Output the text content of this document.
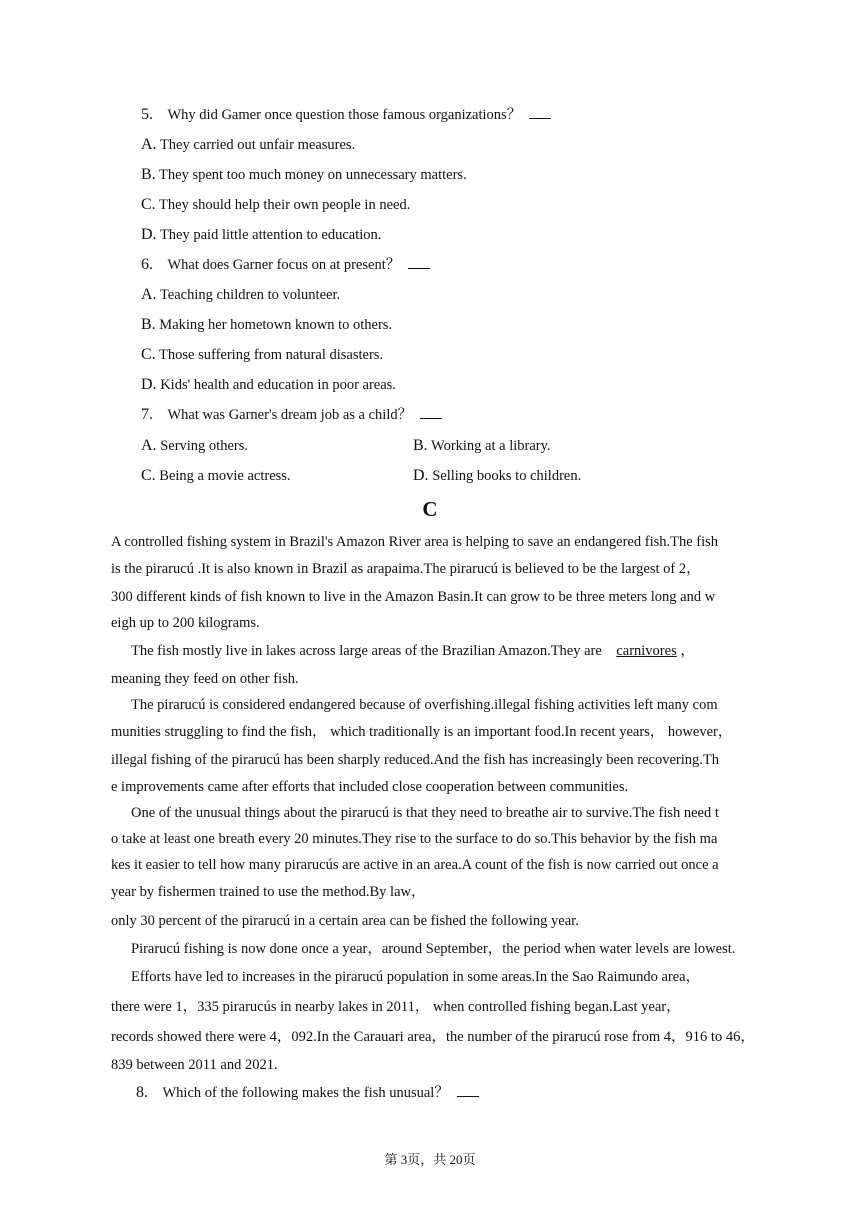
5. Why did Gamer once question those famous organizations？
A. They carried out unfair measures.
B. They spent too much money on unnecessary matters.
C. They should help their own people in need.
D. They paid little attention to education.
6. What does Garner focus on at present？
A. Teaching children to volunteer.
B. Making her hometown known to others.
C. Those suffering from natural disasters.
D. Kids' health and education in poor areas.
7. What was Garner's dream job as a child？
A. Serving others.	B. Working at a library.
C. Being a movie actress.	D. Selling books to children.
C
A controlled fishing system in Brazil's Amazon River area is helping to save an endangered fish.The fish
is the pirarucú .It is also known in Brazil as arapaima.The pirarucú is believed to be the largest of 2，
300 different kinds of fish known to live in the Amazon Basin.It can grow to be three meters long and w
eigh up to 200 kilograms.
The fish mostly live in lakes across large areas of the Brazilian Amazon.They are carnivores ，
meaning they feed on other fish.
The pirarucú is considered endangered because of overfishing.illegal fishing activities left many com
munities struggling to find the fish， which traditionally is an important food.In recent years， however，
illegal fishing of the pirarucú has been sharply reduced.And the fish has increasingly been recovering.Th
e improvements came after efforts that included close cooperation between communities.
One of the unusual things about the pirarucú is that they need to breathe air to survive.The fish need t
o take at least one breath every 20 minutes.They rise to the surface to do so.This behavior by the fish ma
kes it easier to tell how many pirarucús are active in an area.A count of the fish is now carried out once a
year by fishermen trained to use the method.By law，
only 30 percent of the pirarucú in a certain area can be fished the following year.
Pirarucú fishing is now done once a year，around September，the period when water levels are lowest.
Efforts have led to increases in the pirarucú population in some areas.In the Sao Raimundo area，
there were 1，335 pirarucús in nearby lakes in 2011， when controlled fishing began.Last year，
records showed there were 4，092.In the Carauari area，the number of the pirarucú rose from 4，916 to 46，
839 between 2011 and 2021.
8. Which of the following makes the fish unusual？
第 3页，共 20页
